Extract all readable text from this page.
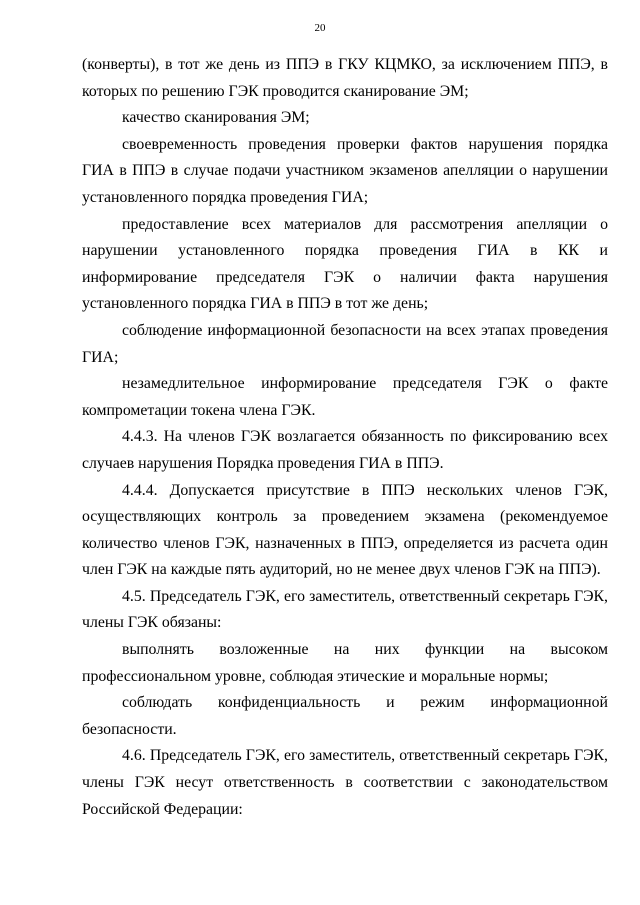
20

(конверты), в тот же день из ППЭ в ГКУ КЦМКО, за исключением ППЭ, в которых по решению ГЭК проводится сканирование ЭМ;

качество сканирования ЭМ;

своевременность проведения проверки фактов нарушения порядка ГИА в ППЭ в случае подачи участником экзаменов апелляции о нарушении установленного порядка проведения ГИА;

предоставление всех материалов для рассмотрения апелляции о нарушении установленного порядка проведения ГИА в КК и информирование председателя ГЭК о наличии факта нарушения установленного порядка ГИА в ППЭ в тот же день;

соблюдение информационной безопасности на всех этапах проведения ГИА;

незамедлительное информирование председателя ГЭК о факте компрометации токена члена ГЭК.

4.4.3. На членов ГЭК возлагается обязанность по фиксированию всех случаев нарушения Порядка проведения ГИА в ППЭ.

4.4.4. Допускается присутствие в ППЭ нескольких членов ГЭК, осуществляющих контроль за проведением экзамена (рекомендуемое количество членов ГЭК, назначенных в ППЭ, определяется из расчета один член ГЭК на каждые пять аудиторий, но не менее двух членов ГЭК на ППЭ).

4.5. Председатель ГЭК, его заместитель, ответственный секретарь ГЭК, члены ГЭК обязаны:

выполнять возложенные на них функции на высоком профессиональном уровне, соблюдая этические и моральные нормы;

соблюдать конфиденциальность и режим информационной безопасности.

4.6. Председатель ГЭК, его заместитель, ответственный секретарь ГЭК, члены ГЭК несут ответственность в соответствии с законодательством Российской Федерации:
